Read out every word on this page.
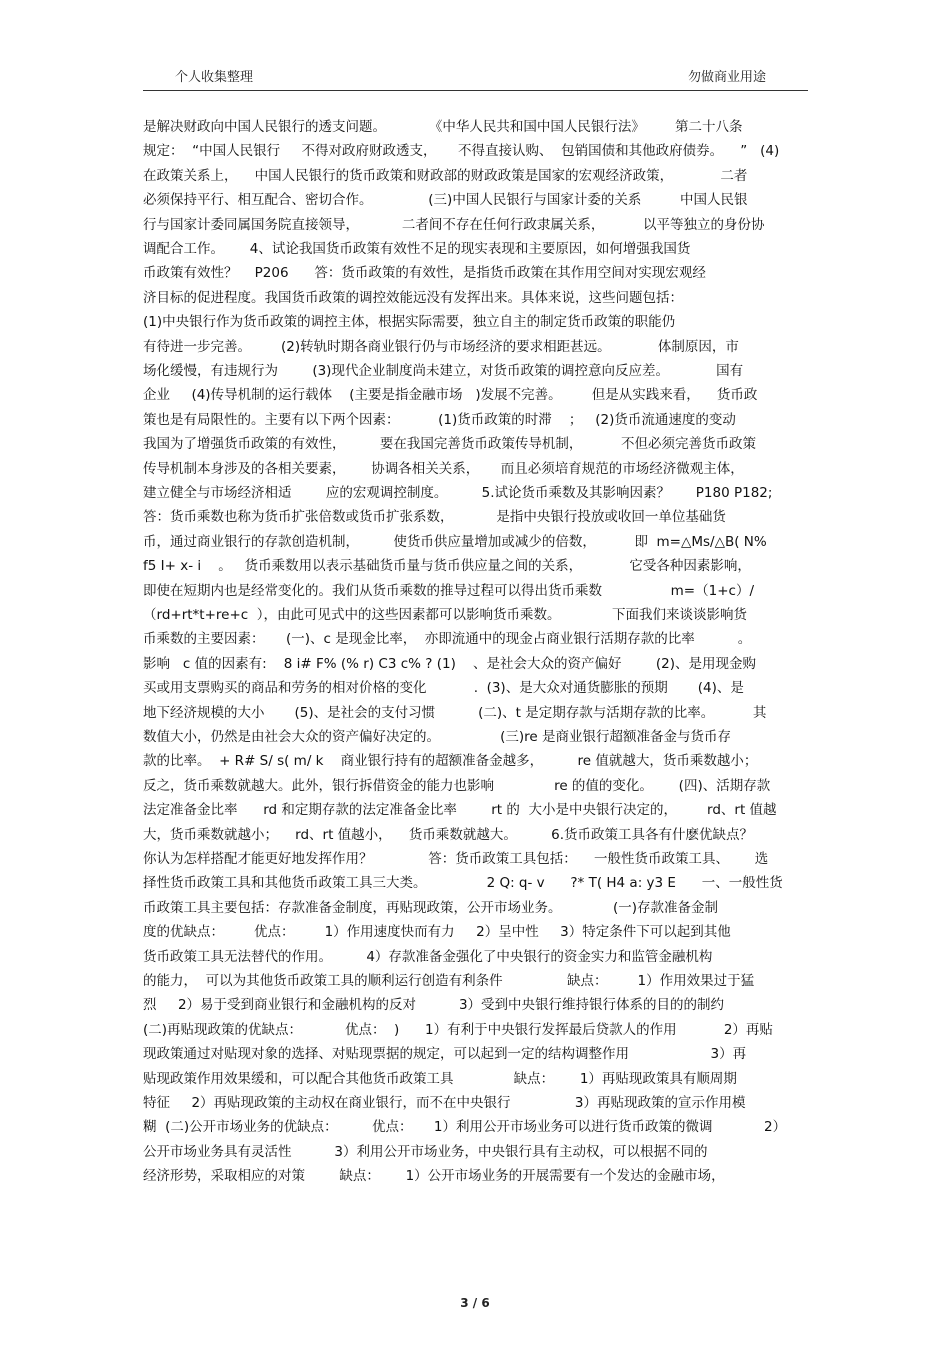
个人收集整理	勿做商业用途
是解决财政向中国人民银行的透支问题。          《中华人民共和国中国人民银行法》       第二十八条
规定：  “中国人民银行     不得对政府财政透支，     不得直接认购、  包销国债和其他政府债券。    ”   (4)
在政策关系上，    中国人民银行的货币政策和财政部的财政政策是国家的宏观经济政策，           二者
必须保持平行、相互配合、密切合作。             (三)中国人民银行与国家计委的关系         中国人民银
行与国家计委同属国务院直接领导，          二者间不存在任何行政隶属关系，         以平等独立的身份协
调配合工作。      4、试论我国货币政策有效性不足的现实表现和主要原因，如何增强我国货
币政策有效性？    P206      答：货币政策的有效性，是指货币政策在其作用空间对实现宏观经
济目标的促进程度。我国货币政策的调控效能远没有发挥出来。具体来说，这些问题包括：
(1)中央银行作为货币政策的调控主体，根据实际需要，独立自主的制定货币政策的职能仍
有待进一步完善。       (2)转轨时期各商业银行仍与市场经济的要求相距甚远。           体制原因，市
场化缓慢，有违规行为        (3)现代企业制度尚未建立，对货币政策的调控意向反应差。           国有
企业     (4)传导机制的运行载体    (主要是指金融市场   )发展不完善。       但是从实践来看，    货币政
策也是有局限性的。主要有以下两个因素：         (1)货币政策的时滞    ；   (2)货币流通速度的变动
我国为了增强货币政策的有效性，        要在我国完善货币政策传导机制，         不但必须完善货币政策
传导机制本身涉及的各相关要素，      协调各相关关系，     而且必须培育规范的市场经济微观主体，
建立健全与市场经济相适        应的宏观调控制度。        5.试论货币乘数及其影响因素？      P180 P182;
答：货币乘数也称为货币扩张倍数或货币扩张系数，          是指中央银行投放或收回一单位基础货
币，通过商业银行的存款创造机制，        使货币供应量增加或减少的倍数，         即  m=△Ms/△B( N%
f5 I+ x- i    。   货币乘数用以表示基础货币量与货币供应量之间的关系，           它受各种因素影响，
即使在短期内也是经常变化的。我们从货币乘数的推导过程可以得出货币乘数                m=（1+c）/
（rd+rt*t+re+c  ），由此可见式中的这些因素都可以影响货币乘数。            下面我们来谈谈影响货
币乘数的主要因素：     (一)、c 是现金比率，  亦即流通中的现金占商业银行活期存款的比率          。
影响   c 值的因素有:    8 i# F% (% r) C3 c% ? (1)    、是社会大众的资产偏好        (2)、是用现金购
买或用支票购买的商品和劳务的相对价格的变化           .  (3)、是大众对通货膨胀的预期       (4)、是
地下经济规模的大小       (5)、是社会的支付习惯          (二)、t 是定期存款与活期存款的比率。         其
数值大小，仍然是由社会大众的资产偏好决定的。              (三)re 是商业银行超额准备金与货币存
款的比率。  + R# S/ s( m/ k    商业银行持有的超额准备金越多，        re 值就越大，货币乘数越小；
反之，货币乘数就越大。此外，银行拆借资金的能力也影响              re 的值的变化。      (四)、活期存款
法定准备金比率      rd 和定期存款的法定准备金比率        rt 的  大小是中央银行决定的，       rd、rt 值越
大，货币乘数就越小；    rd、rt 值越小，    货币乘数就越大。        6.货币政策工具各有什麽优缺点？
你认为怎样搭配才能更好地发挥作用？             答：货币政策工具包括：    一般性货币政策工具、      选
择性货币政策工具和其他货币政策工具三大类。              2 Q: q- v      ?* T( H4 a: y3 E      一、一般性货
币政策工具主要包括：存款准备金制度，再贴现政策，公开市场业务。            (一)存款准备金制
度的优缺点：       优点：       1）作用速度快而有力     2）呈中性     3）特定条件下可以起到其他
货币政策工具无法替代的作用。        4）存款准备金强化了中央银行的资金实力和监管金融机构
的能力，  可以为其他货币政策工具的顺利运行创造有利条件               缺点：       1）作用效果过于猛
烈     2）易于受到商业银行和金融机构的反对          3）受到中央银行维持银行体系的目的的制约
(二)再贴现政策的优缺点：          优点：  )      1）有利于中央银行发挥最后贷款人的作用           2）再贴
现政策通过对贴现对象的选择、对贴现票据的规定，可以起到一定的结构调整作用                   3）再
贴现政策作用效果缓和，可以配合其他货币政策工具              缺点：      1）再贴现政策具有顺周期
特征     2）再贴现政策的主动权在商业银行，而不在中央银行               3）再贴现政策的宣示作用模
糊  (二)公开市场业务的优缺点：        优点：     1）利用公开市场业务可以进行货币政策的微调            2）
公开市场业务具有灵活性          3）利用公开市场业务，中央银行具有主动权，可以根据不同的
经济形势，采取相应的对策        缺点：      1）公开市场业务的开展需要有一个发达的金融市场，
3 / 6
